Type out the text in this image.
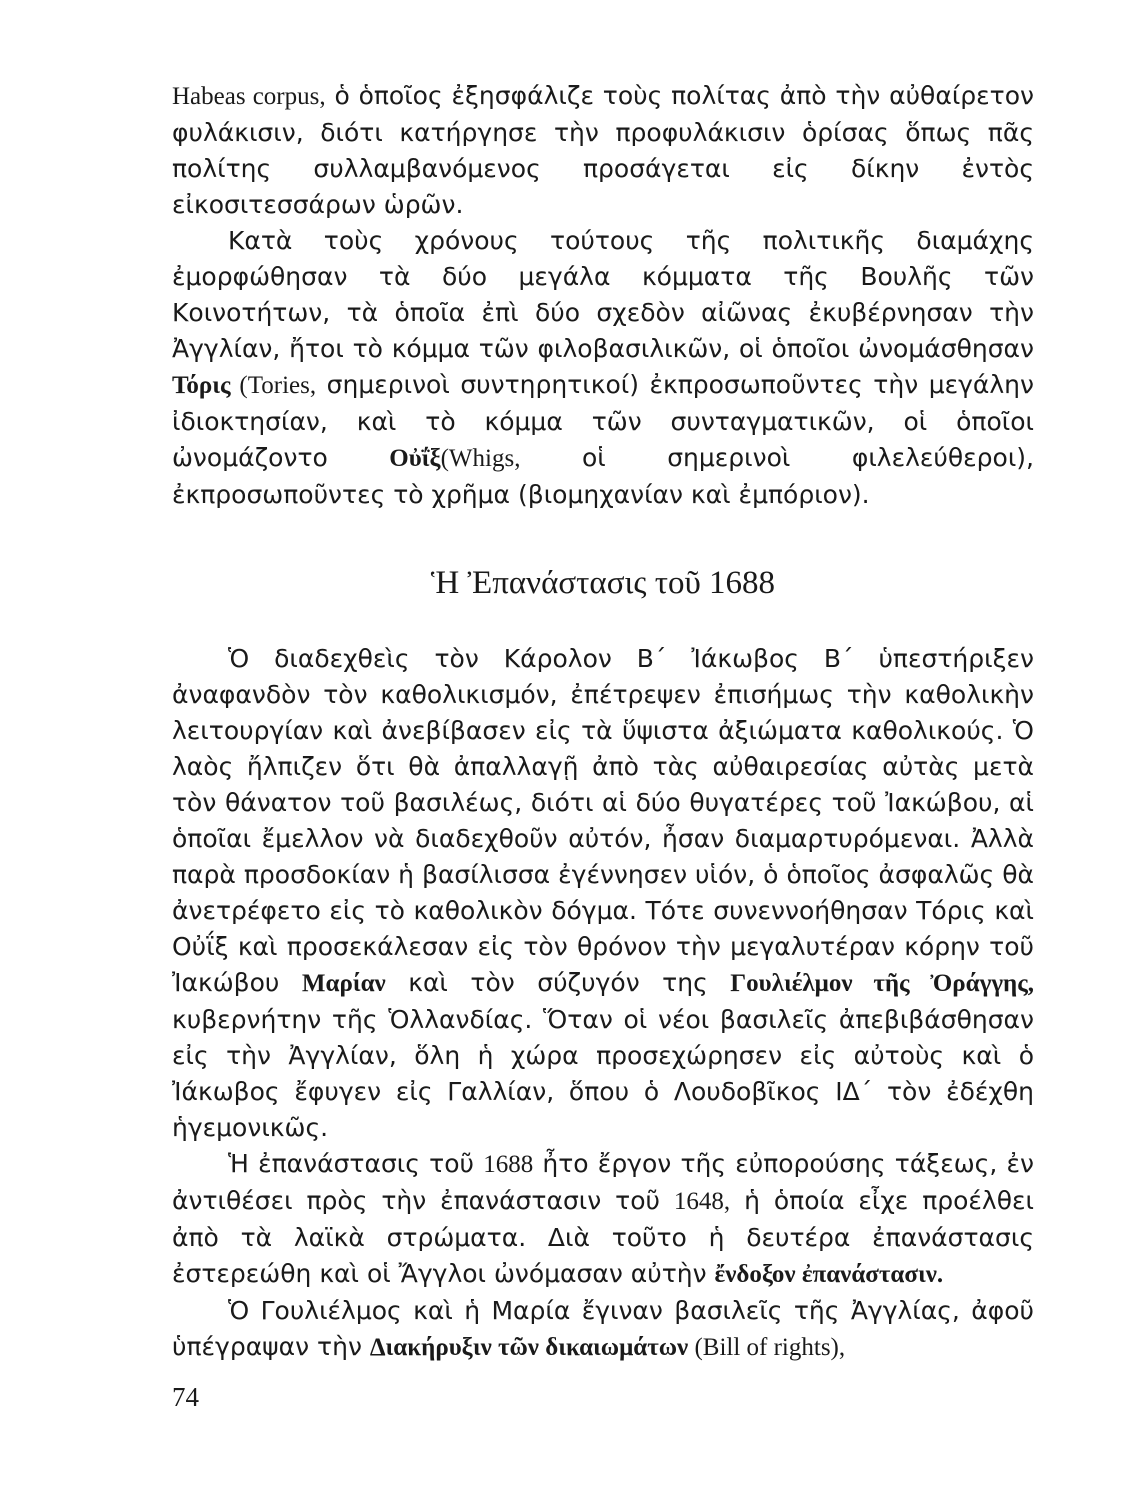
Habeas corpus, ὁ ὁποῖος ἐξησφάλιζε τοὺς πολίτας ἀπὸ τὴν αὐθαίρετον φυλάκισιν, διότι κατήργησε τὴν προφυλάκισιν ὁρίσας ὅπως πᾶς πολίτης συλλαμβανόμενος προσάγεται εἰς δίκην ἐντὸς εἰκοσιτεσσάρων ὡρῶν.

Κατὰ τοὺς χρόνους τούτους τῆς πολιτικῆς διαμάχης ἐμορφώθησαν τὰ δύο μεγάλα κόμματα τῆς Βουλῆς τῶν Κοινοτήτων, τὰ ὁποῖα ἐπὶ δύο σχεδὸν αἰῶνας ἐκυβέρνησαν τὴν Ἀγγλίαν, ἤτοι τὸ κόμμα τῶν φιλοβασιλικῶν, οἱ ὁποῖοι ὠνομάσθησαν Τόρις (Tories, σημερινοὶ συντηρητικοί) ἐκπροσωποῦντες τὴν μεγάλην ἰδιοκτησίαν, καὶ τὸ κόμμα τῶν συνταγματικῶν, οἱ ὁποῖοι ὠνομάζοντο Οὐΐξ(Whigs, οἱ σημερινοὶ φιλελεύθεροι), ἐκπροσωποῦντες τὸ χρῆμα (βιομηχανίαν καὶ ἐμπόριον).

Ἡ Ἐπανάστασις τοῦ 1688

Ὁ διαδεχθεὶς τὸν Κάρολον Β΄ Ἰάκωβος Β΄ ὑπεστήριξεν ἀναφανδὸν τὸν καθολικισμόν, ἐπέτρεψεν ἐπισήμως τὴν καθολικὴν λειτουργίαν καὶ ἀνεβίβασεν εἰς τὰ ὕψιστα ἀξιώματα καθολικούς. Ὁ λαὸς ἤλπιζεν ὅτι θὰ ἀπαλλαγῇ ἀπὸ τὰς αὐθαιρεσίας αὐτὰς μετὰ τὸν θάνατον τοῦ βασιλέως, διότι αἱ δύο θυγατέρες τοῦ Ἰακώβου, αἱ ὁποῖαι ἔμελλον νὰ διαδεχθοῦν αὐτόν, ἦσαν διαμαρτυρόμεναι. Ἀλλὰ παρὰ προσδοκίαν ἡ βασίλισσα ἐγέννησεν υἱόν, ὁ ὁποῖος ἀσφαλῶς θὰ ἀνετρέφετο εἰς τὸ καθολικὸν δόγμα. Τότε συνεννοήθησαν Τόρις καὶ Οὐΐξ καὶ προσεκάλεσαν εἰς τὸν θρόνον τὴν μεγαλυτέραν κόρην τοῦ Ἰακώβου Μαρίαν καὶ τὸν σύζυγόν της Γουλιέλμον τῆς Ὀράγγης, κυβερνήτην τῆς Ὁλλανδίας. Ὅταν οἱ νέοι βασιλεῖς ἀπεβιβάσθησαν εἰς τὴν Ἀγγλίαν, ὅλη ἡ χώρα προσεχώρησεν εἰς αὐτοὺς καὶ ὁ Ἰάκωβος ἔφυγεν εἰς Γαλλίαν, ὅπου ὁ Λουδοβῖκος ΙΔ΄ τὸν ἐδέχθη ἡγεμονικῶς.

Ἡ ἐπανάστασις τοῦ 1688 ἦτο ἔργον τῆς εὐπορούσης τάξεως, ἐν ἀντιθέσει πρὸς τὴν ἐπανάστασιν τοῦ 1648, ἡ ὁποία εἶχε προέλθει ἀπὸ τὰ λαϊκὰ στρώματα. Διὰ τοῦτο ἡ δευτέρα ἐπανάστασις ἐστερεώθη καὶ οἱ Ἄγγλοι ὠνόμασαν αὐτὴν ἔνδοξον ἐπανάστασιν.

Ὁ Γουλιέλμος καὶ ἡ Μαρία ἔγιναν βασιλεῖς τῆς Ἀγγλίας, ἀφοῦ ὑπέγραψαν τὴν Διακήρυξιν τῶν δικαιωμάτων (Bill of rights),

74
